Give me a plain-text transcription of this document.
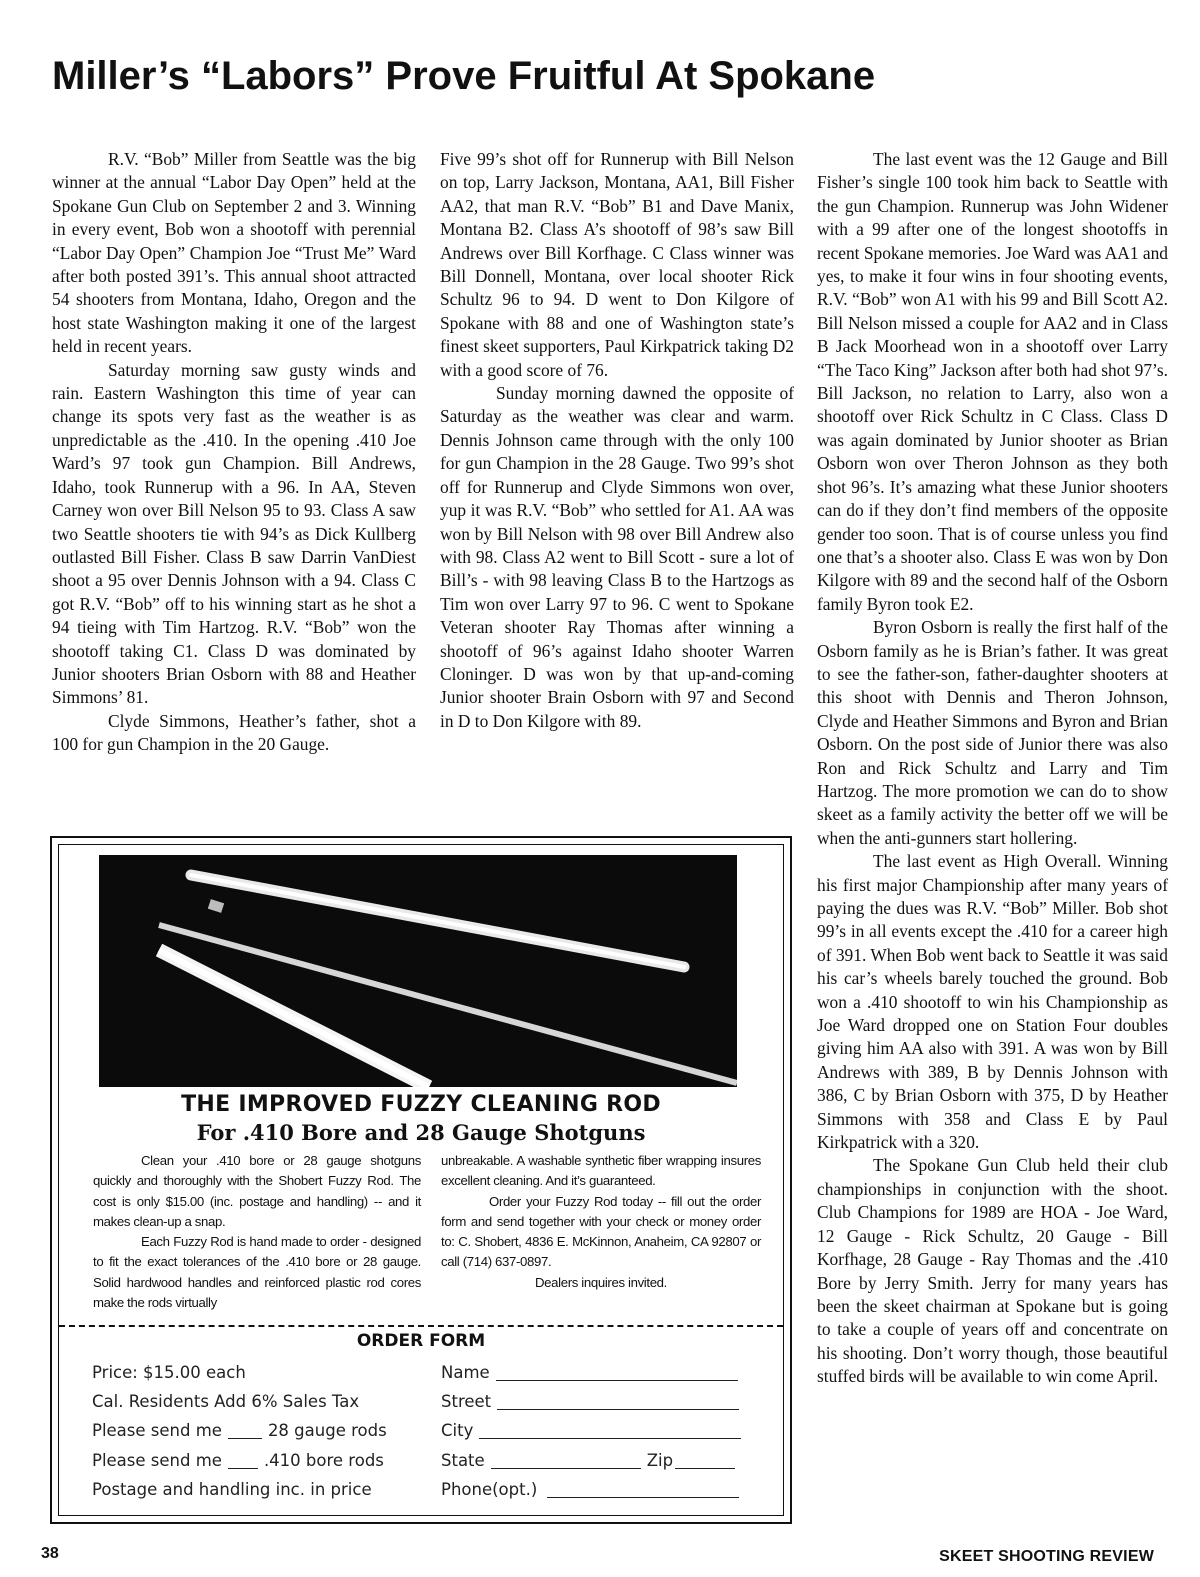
Miller’s “Labors” Prove Fruitful At Spokane

R.V. “Bob” Miller from Seattle was the big winner at the annual “Labor Day Open” held at the Spokane Gun Club on September 2 and 3. Winning in every event, Bob won a shootoff with perennial “Labor Day Open” Champion Joe “Trust Me” Ward after both posted 391’s. This annual shoot attracted 54 shooters from Montana, Idaho, Oregon and the host state Washington making it one of the largest held in recent years.

Saturday morning saw gusty winds and rain. Eastern Washington this time of year can change its spots very fast as the weather is as unpredictable as the .410. In the opening .410 Joe Ward’s 97 took gun Champion. Bill Andrews, Idaho, took Runnerup with a 96. In AA, Steven Carney won over Bill Nelson 95 to 93. Class A saw two Seattle shooters tie with 94’s as Dick Kullberg outlasted Bill Fisher. Class B saw Darrin VanDiest shoot a 95 over Dennis Johnson with a 94. Class C got R.V. “Bob” off to his winning start as he shot a 94 tieing with Tim Hartzog. R.V. “Bob” won the shootoff taking C1. Class D was dominated by Junior shooters Brian Osborn with 88 and Heather Simmons’ 81.

Clyde Simmons, Heather’s father, shot a 100 for gun Champion in the 20 Gauge.

Five 99’s shot off for Runnerup with Bill Nelson on top, Larry Jackson, Montana, AA1, Bill Fisher AA2, that man R.V. “Bob” B1 and Dave Manix, Montana B2. Class A’s shootoff of 98’s saw Bill Andrews over Bill Korfhage. C Class winner was Bill Donnell, Montana, over local shooter Rick Schultz 96 to 94. D went to Don Kilgore of Spokane with 88 and one of Washington state’s finest skeet supporters, Paul Kirkpatrick taking D2 with a good score of 76.

Sunday morning dawned the opposite of Saturday as the weather was clear and warm. Dennis Johnson came through with the only 100 for gun Champion in the 28 Gauge. Two 99’s shot off for Runnerup and Clyde Simmons won over, yup it was R.V. “Bob” who settled for A1. AA was won by Bill Nelson with 98 over Bill Andrew also with 98. Class A2 went to Bill Scott - sure a lot of Bill’s - with 98 leaving Class B to the Hartzogs as Tim won over Larry 97 to 96. C went to Spokane Veteran shooter Ray Thomas after winning a shootoff of 96’s against Idaho shooter Warren Cloninger. D was won by that up-and-coming Junior shooter Brain Osborn with 97 and Second in D to Don Kilgore with 89.

The last event was the 12 Gauge and Bill Fisher’s single 100 took him back to Seattle with the gun Champion. Runnerup was John Widener with a 99 after one of the longest shootoffs in recent Spokane memories. Joe Ward was AA1 and yes, to make it four wins in four shooting events, R.V. “Bob” won A1 with his 99 and Bill Scott A2. Bill Nelson missed a couple for AA2 and in Class B Jack Moorhead won in a shootoff over Larry “The Taco King” Jackson after both had shot 97’s. Bill Jackson, no relation to Larry, also won a shootoff over Rick Schultz in C Class. Class D was again dominated by Junior shooter as Brian Osborn won over Theron Johnson as they both shot 96’s. It’s amazing what these Junior shooters can do if they don’t find members of the opposite gender too soon. That is of course unless you find one that’s a shooter also. Class E was won by Don Kilgore with 89 and the second half of the Osborn family Byron took E2.

Byron Osborn is really the first half of the Osborn family as he is Brian’s father. It was great to see the father-son, father-daughter shooters at this shoot with Dennis and Theron Johnson, Clyde and Heather Simmons and Byron and Brian Osborn. On the post side of Junior there was also Ron and Rick Schultz and Larry and Tim Hartzog. The more promotion we can do to show skeet as a family activity the better off we will be when the anti-gunners start hollering.

The last event as High Overall. Winning his first major Championship after many years of paying the dues was R.V. “Bob” Miller. Bob shot 99’s in all events except the .410 for a career high of 391. When Bob went back to Seattle it was said his car’s wheels barely touched the ground. Bob won a .410 shootoff to win his Championship as Joe Ward dropped one on Station Four doubles giving him AA also with 391. A was won by Bill Andrews with 389, B by Dennis Johnson with 386, C by Brian Osborn with 375, D by Heather Simmons with 358 and Class E by Paul Kirkpatrick with a 320.

The Spokane Gun Club held their club championships in conjunction with the shoot. Club Champions for 1989 are HOA - Joe Ward, 12 Gauge - Rick Schultz, 20 Gauge - Bill Korfhage, 28 Gauge - Ray Thomas and the .410 Bore by Jerry Smith. Jerry for many years has been the skeet chairman at Spokane but is going to take a couple of years off and concentrate on his shooting. Don’t worry though, those beautiful stuffed birds will be available to win come April.

THE IMPROVED FUZZY CLEANING ROD
For .410 Bore and 28 Gauge Shotguns

Clean your .410 bore or 28 gauge shotguns quickly and thoroughly with the Shobert Fuzzy Rod. The cost is only $15.00 (inc. postage and handling) -- and it makes clean-up a snap.

Each Fuzzy Rod is hand made to order - designed to fit the exact tolerances of the .410 bore or 28 gauge. Solid hardwood handles and reinforced plastic rod cores make the rods virtually

unbreakable. A washable synthetic fiber wrapping insures excellent cleaning. And it’s guaranteed.

Order your Fuzzy Rod today -- fill out the order form and send together with your check or money order to: C. Shobert, 4836 E. McKinnon, Anaheim, CA 92807 or call (714) 637-0897.

Dealers inquires invited.

ORDER FORM
Price: $15.00 each
Cal. Residents Add 6% Sales Tax
Please send me	28 gauge rods
Please send me	.410 bore rods
Postage and handling inc. in price
Name
Street
City
State	Zip
Phone(opt.)
38	SKEET SHOOTING REVIEW
